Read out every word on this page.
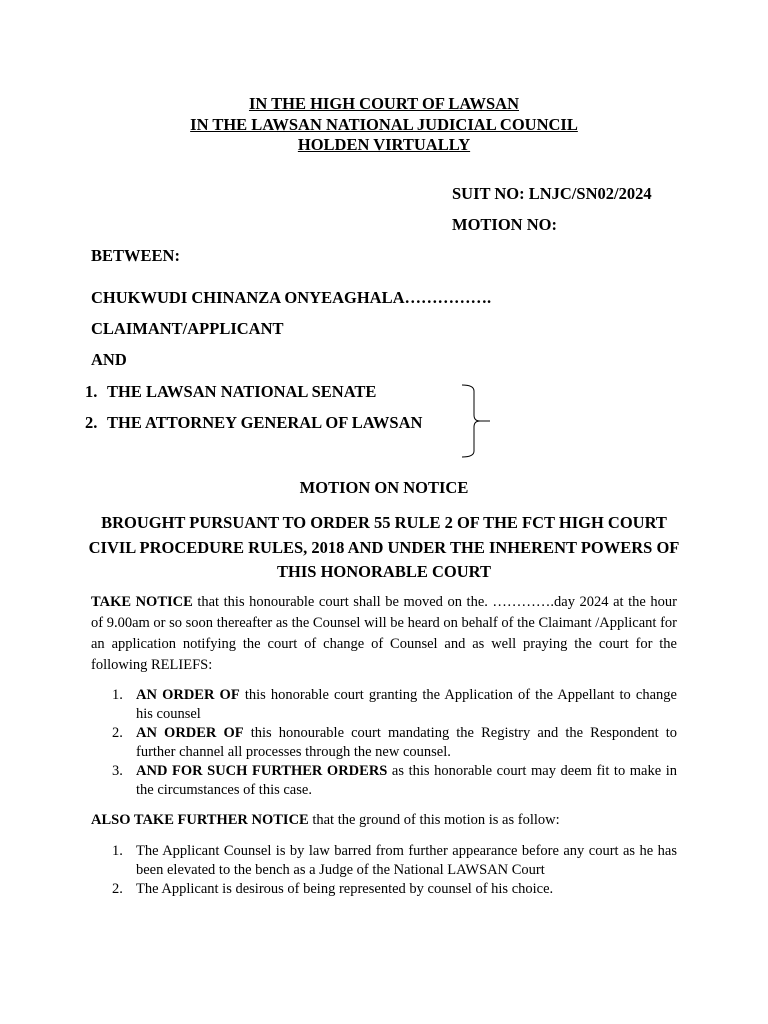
IN THE HIGH COURT OF LAWSAN
IN THE LAWSAN NATIONAL JUDICIAL COUNCIL
HOLDEN VIRTUALLY
SUIT NO: LNJC/SN02/2024
MOTION NO:
BETWEEN:
CHUKWUDI CHINANZA ONYEAGHALA…………….
CLAIMANT/APPLICANT
AND
1. THE LAWSAN NATIONAL SENATE
2. THE ATTORNEY GENERAL OF LAWSAN
MOTION ON NOTICE
BROUGHT PURSUANT TO ORDER 55 RULE 2 OF THE FCT HIGH COURT CIVIL PROCEDURE RULES, 2018 AND UNDER THE INHERENT POWERS OF THIS HONORABLE COURT
TAKE NOTICE that this honourable court shall be moved on the. ………….day 2024 at the hour of 9.00am or so soon thereafter as the Counsel will be heard on behalf of the Claimant /Applicant for an application notifying the court of change of Counsel and as well praying the court for the following RELIEFS:
1. AN ORDER OF this honorable court granting the Application of the Appellant to change his counsel
2. AN ORDER OF this honourable court mandating the Registry and the Respondent to further channel all processes through the new counsel.
3. AND FOR SUCH FURTHER ORDERS as this honorable court may deem fit to make in the circumstances of this case.
ALSO TAKE FURTHER NOTICE that the ground of this motion is as follow:
1. The Applicant Counsel is by law barred from further appearance before any court as he has been elevated to the bench as a Judge of the National LAWSAN Court
2. The Applicant is desirous of being represented by counsel of his choice.
